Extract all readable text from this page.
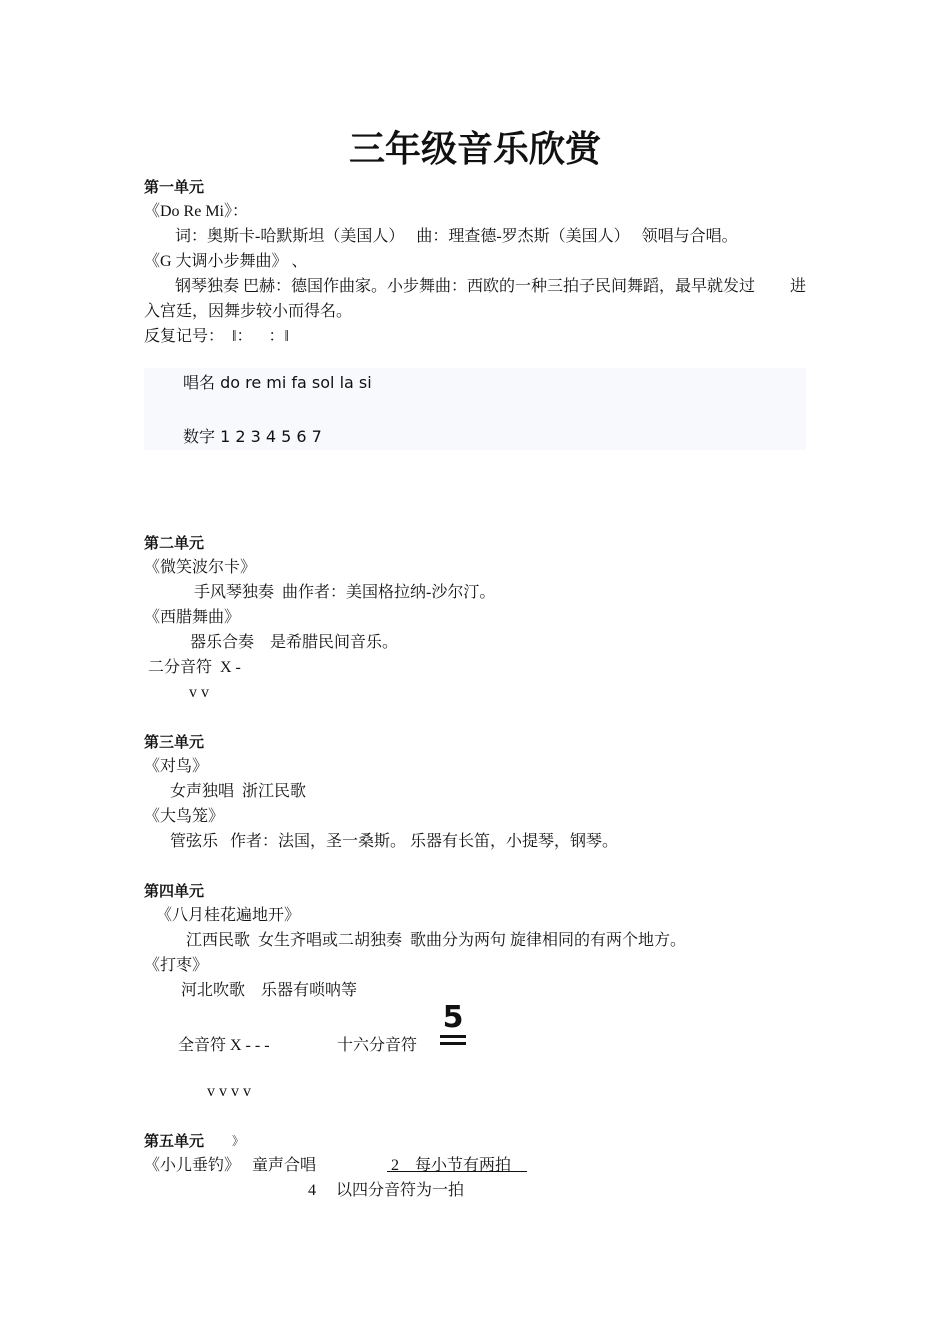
三年级音乐欣赏
第一单元
《Do Re Mi》：
词：奥斯卡-哈默斯坦（美国人）   曲：理查德-罗杰斯（美国人）   领唱与合唱。
《G 大调小步舞曲》 、
钢琴独奏 巴赫：德国作曲家。小步舞曲：西欧的一种三拍子民间舞蹈，最早就发过 进
入宫廷，因舞步较小而得名。
反复记号：  ‖：    ：‖
唱名 do re mi fa sol la si
数字 1 2 3 4 5 6 7
第二单元
《微笑波尔卡》
手风琴独奏  曲作者：美国格拉纳-沙尔汀。
《西腊舞曲》
器乐合奏    是希腊民间音乐。
二分音符  X -
v v
第三单元
《对鸟》
女声独唱  浙江民歌
《大鸟笼》
管弦乐   作者：法国，圣一桑斯。 乐器有长笛，小提琴，钢琴。
第四单元
《八月桂花遍地开》
江西民歌  女生齐唱或二胡独奏  歌曲分为两句 旋律相同的有两个地方。
《打枣》
河北吹歌    乐器有唢呐等
全音符 X - - -	十六分音符
5
v v v v
第五单元 》
《小儿垂钓》   童声合唱	2 每小节有两拍
4 以四分音符为一拍
